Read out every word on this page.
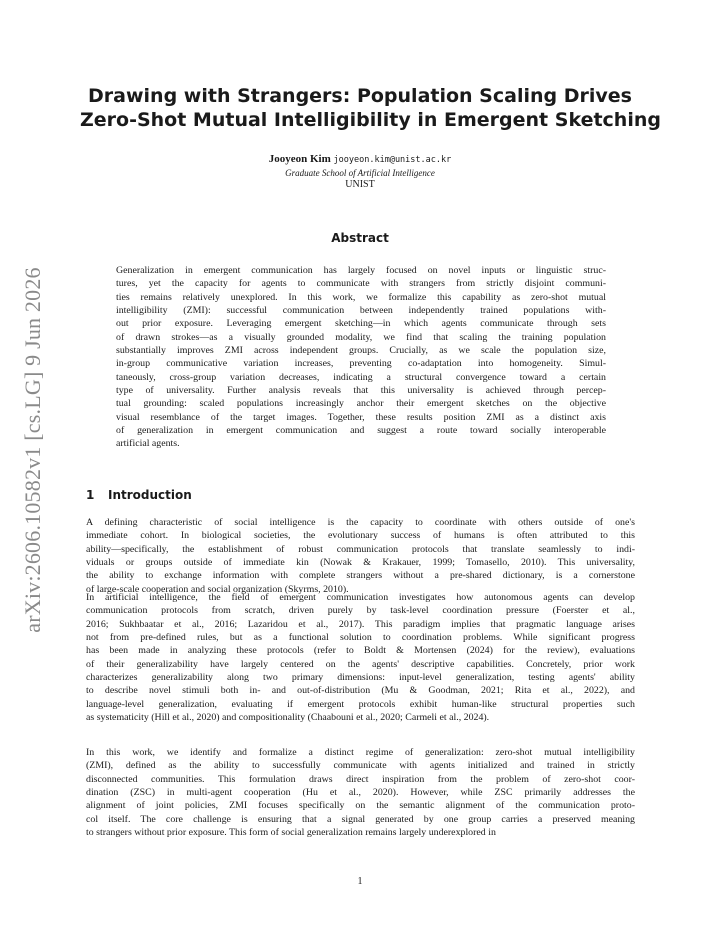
arXiv:2606.10582v1 [cs.LG] 9 Jun 2026
Drawing with Strangers: Population Scaling Drives
Zero-Shot Mutual Intelligibility in Emergent Sketching
Jooyeon Kim jooyeon.kim@unist.ac.kr
Graduate School of Artificial Intelligence
UNIST
Abstract

Generalization in emergent communication has largely focused on novel inputs or linguistic struc-
tures, yet the capacity for agents to communicate with strangers from strictly disjoint communi-
ties remains relatively unexplored. In this work, we formalize this capability as zero-shot mutual
intelligibility (ZMI): successful communication between independently trained populations with-
out prior exposure. Leveraging emergent sketching—in which agents communicate through sets
of drawn strokes—as a visually grounded modality, we find that scaling the training population
substantially improves ZMI across independent groups. Crucially, as we scale the population size,
in-group communicative variation increases, preventing co-adaptation into homogeneity. Simul-
taneously, cross-group variation decreases, indicating a structural convergence toward a certain
type of universality. Further analysis reveals that this universality is achieved through percep-
tual grounding: scaled populations increasingly anchor their emergent sketches on the objective
visual resemblance of the target images. Together, these results position ZMI as a distinct axis
of generalization in emergent communication and suggest a route toward socially interoperable
artificial agents.

1 Introduction

A defining characteristic of social intelligence is the capacity to coordinate with others outside of one's
immediate cohort. In biological societies, the evolutionary success of humans is often attributed to this
ability—specifically, the establishment of robust communication protocols that translate seamlessly to indi-
viduals or groups outside of immediate kin (Nowak & Krakauer, 1999; Tomasello, 2010). This universality,
the ability to exchange information with complete strangers without a pre-shared dictionary, is a cornerstone
of large-scale cooperation and social organization (Skyrms, 2010).

In artificial intelligence, the field of emergent communication investigates how autonomous agents can develop
communication protocols from scratch, driven purely by task-level coordination pressure (Foerster et al.,
2016; Sukhbaatar et al., 2016; Lazaridou et al., 2017). This paradigm implies that pragmatic language arises
not from pre-defined rules, but as a functional solution to coordination problems. While significant progress
has been made in analyzing these protocols (refer to Boldt & Mortensen (2024) for the review), evaluations
of their generalizability have largely centered on the agents' descriptive capabilities. Concretely, prior work
characterizes generalizability along two primary dimensions: input-level generalization, testing agents' ability
to describe novel stimuli both in- and out-of-distribution (Mu & Goodman, 2021; Rita et al., 2022), and
language-level generalization, evaluating if emergent protocols exhibit human-like structural properties such
as systematicity (Hill et al., 2020) and compositionality (Chaabouni et al., 2020; Carmeli et al., 2024).

In this work, we identify and formalize a distinct regime of generalization: zero-shot mutual intelligibility
(ZMI), defined as the ability to successfully communicate with agents initialized and trained in strictly
disconnected communities. This formulation draws direct inspiration from the problem of zero-shot coor-
dination (ZSC) in multi-agent cooperation (Hu et al., 2020). However, while ZSC primarily addresses the
alignment of joint policies, ZMI focuses specifically on the semantic alignment of the communication proto-
col itself. The core challenge is ensuring that a signal generated by one group carries a preserved meaning
to strangers without prior exposure. This form of social generalization remains largely underexplored in

1
